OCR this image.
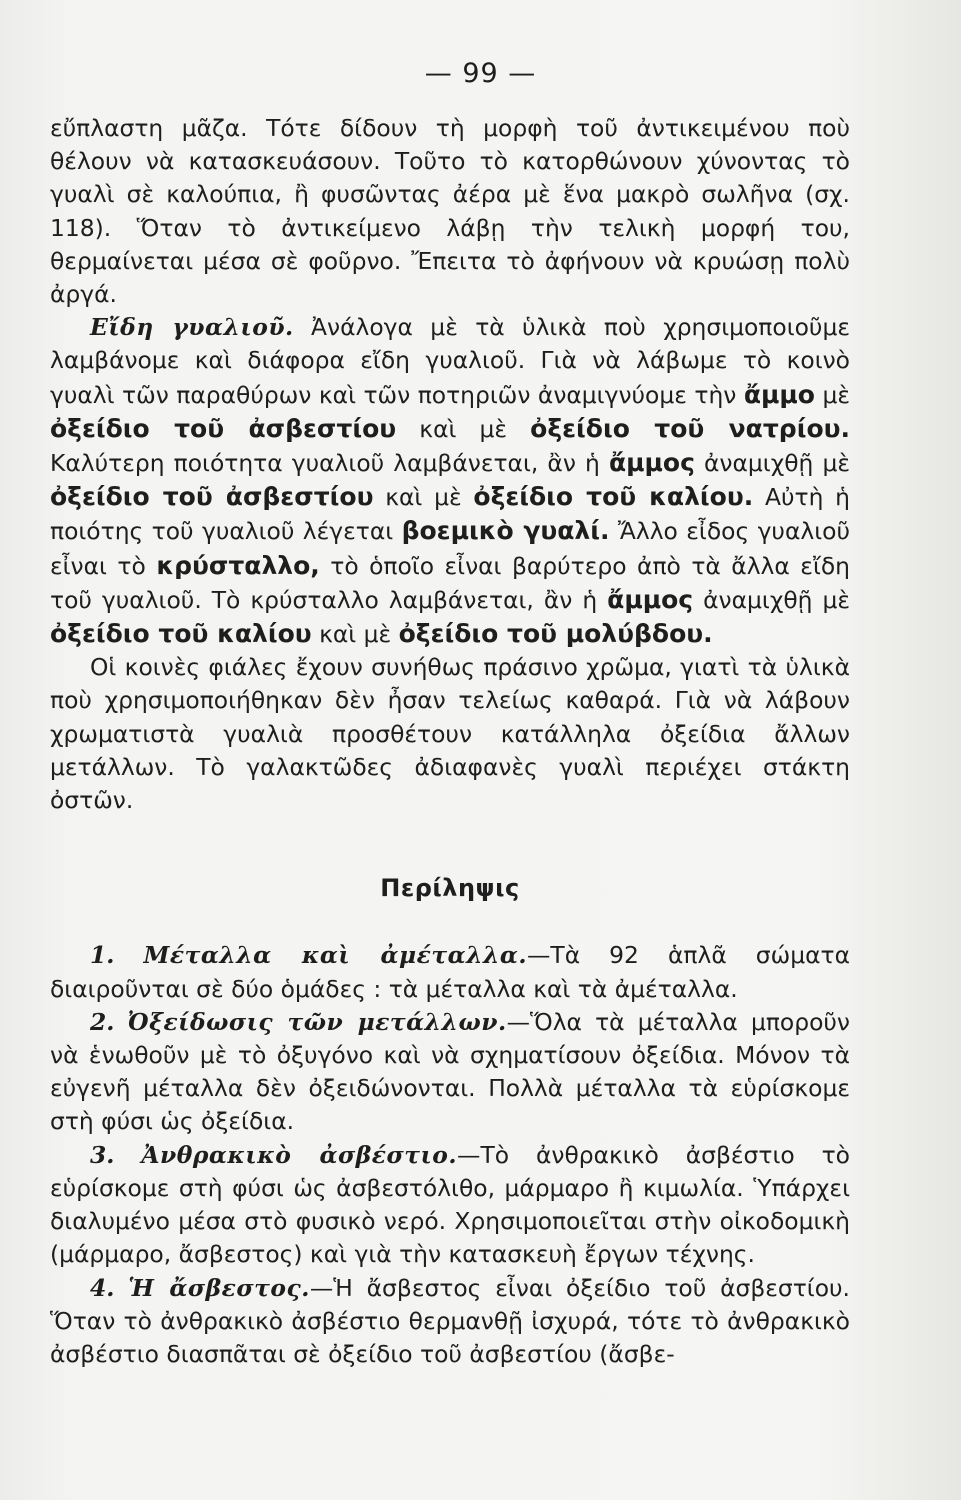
— 99 —

εὔπλαστη μᾶζα. Τότε δίδουν τὴ μορφὴ τοῦ ἀντικειμένου ποὺ θέλουν νὰ κατασκευάσουν. Τοῦτο τὸ κατορθώνουν χύνοντας τὸ γυαλὶ σὲ καλούπια, ἢ φυσῶντας ἀέρα μὲ ἕνα μακρὸ σωλῆνα (σχ. 118). Ὅταν τὸ ἀντικείμενο λάβῃ τὴν τελικὴ μορφή του, θερμαίνεται μέσα σὲ φοῦρνο. Ἔπειτα τὸ ἀφήνουν νὰ κρυώσῃ πολὺ ἀργά.

Εἴδη γυαλιοῦ. Ἀνάλογα μὲ τὰ ὑλικὰ ποὺ χρησιμοποιοῦμε λαμβάνομε καὶ διάφορα εἴδη γυαλιοῦ. Γιὰ νὰ λάβωμε τὸ κοινὸ γυαλὶ τῶν παραθύρων καὶ τῶν ποτηριῶν ἀναμιγνύομε τὴν ἄμμο μὲ ὀξείδιο τοῦ ἀσβεστίου καὶ μὲ ὀξείδιο τοῦ νατρίου. Καλύτερη ποιότητα γυαλιοῦ λαμβάνεται, ἂν ἡ ἄμμος ἀναμιχθῇ μὲ ὀξείδιο τοῦ ἀσβεστίου καὶ μὲ ὀξείδιο τοῦ καλίου. Αὐτὴ ἡ ποιότης τοῦ γυαλιοῦ λέγεται βοεμικὸ γυαλί. Ἄλλο εἶδος γυαλιοῦ εἶναι τὸ κρύσταλλο, τὸ ὁποῖο εἶναι βαρύτερο ἀπὸ τὰ ἄλλα εἴδη τοῦ γυαλιοῦ. Τὸ κρύσταλλο λαμβάνεται, ἂν ἡ ἄμμος ἀναμιχθῇ μὲ ὀξείδιο τοῦ καλίου καὶ μὲ ὀξείδιο τοῦ μολύβδου.

Οἱ κοινὲς φιάλες ἔχουν συνήθως πράσινο χρῶμα, γιατὶ τὰ ὑλικὰ ποὺ χρησιμοποιήθηκαν δὲν ἦσαν τελείως καθαρά. Γιὰ νὰ λάβουν χρωματιστὰ γυαλιὰ προσθέτουν κατάλληλα ὀξείδια ἄλλων μετάλλων. Τὸ γαλακτῶδες ἀδιαφανὲς γυαλὶ περιέχει στάκτη ὀστῶν.

Περίληψις

1. Μέταλλα καὶ ἀμέταλλα.—Τὰ 92 ἁπλᾶ σώματα διαιροῦνται σὲ δύο ὁμάδες : τὰ μέταλλα καὶ τὰ ἀμέταλλα.

2. Ὀξείδωσις τῶν μετάλλων.—Ὅλα τὰ μέταλλα μποροῦν νὰ ἑνωθοῦν μὲ τὸ ὀξυγόνο καὶ νὰ σχηματίσουν ὀξείδια. Μόνον τὰ εὐγενῆ μέταλλα δὲν ὀξειδώνονται. Πολλὰ μέταλλα τὰ εὑρίσκομε στὴ φύσι ὡς ὀξείδια.

3. Ἀνθρακικὸ ἀσβέστιο.—Τὸ ἀνθρακικὸ ἀσβέστιο τὸ εὑρίσκομε στὴ φύσι ὡς ἀσβεστόλιθο, μάρμαρο ἢ κιμωλία. Ὑπάρχει διαλυμένο μέσα στὸ φυσικὸ νερό. Χρησιμοποιεῖται στὴν οἰκοδομικὴ (μάρμαρο, ἄσβεστος) καὶ γιὰ τὴν κατασκευὴ ἔργων τέχνης.

4. Ἡ ἄσβεστος.—Ἡ ἄσβεστος εἶναι ὀξείδιο τοῦ ἀσβεστίου. Ὅταν τὸ ἀνθρακικὸ ἀσβέστιο θερμανθῇ ἰσχυρά, τότε τὸ ἀνθρακικὸ ἀσβέστιο διασπᾶται σὲ ὀξείδιο τοῦ ἀσβεστίου (ἄσβε-
